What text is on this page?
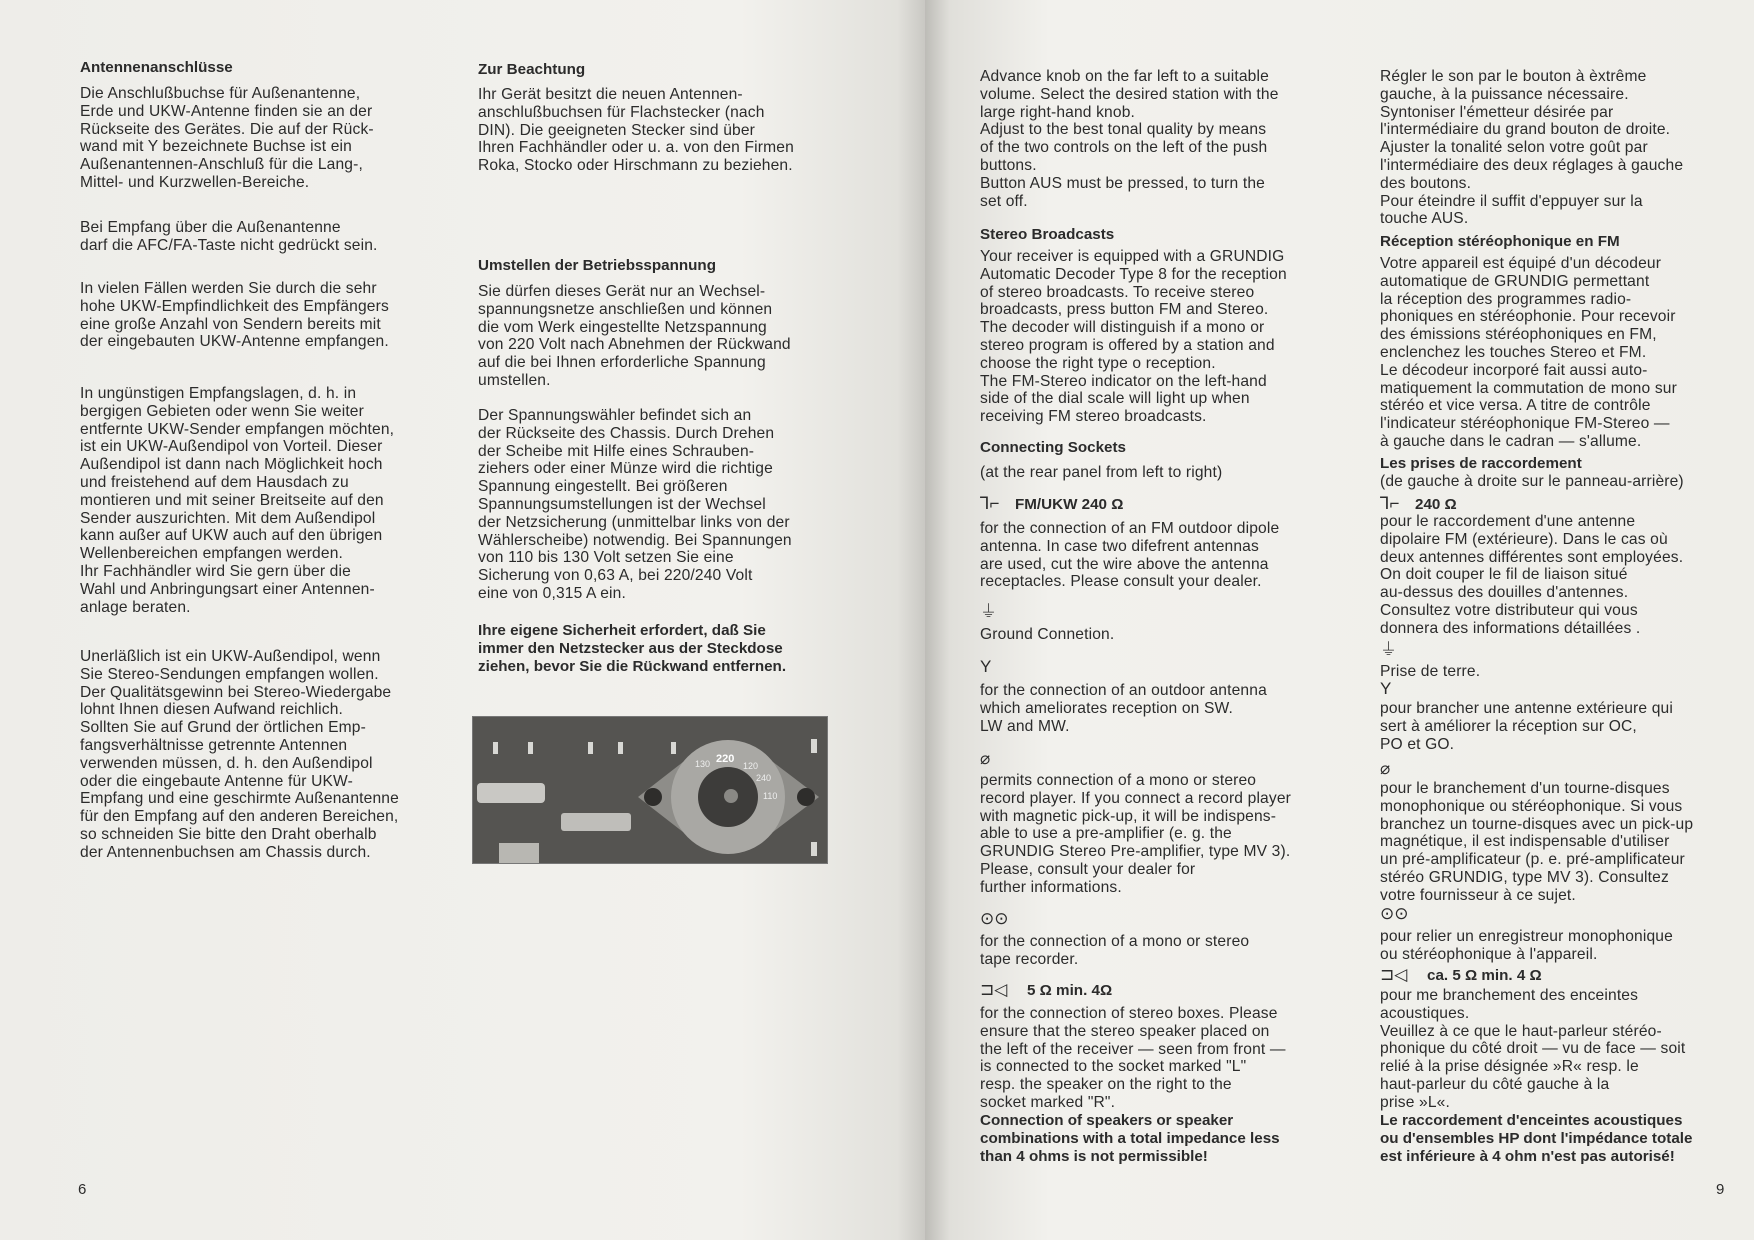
Antennenanschlüsse
Die Anschlußbuchse für Außenantenne,
Erde und UKW-Antenne finden sie an der
Rückseite des Gerätes. Die auf der Rück-
wand mit Y bezeichnete Buchse ist ein
Außenantennen-Anschluß für die Lang-,
Mittel- und Kurzwellen-Bereiche.
Bei Empfang über die Außenantenne
darf die AFC/FA-Taste nicht gedrückt sein.
In vielen Fällen werden Sie durch die sehr
hohe UKW-Empfindlichkeit des Empfängers
eine große Anzahl von Sendern bereits mit
der eingebauten UKW-Antenne empfangen.
In ungünstigen Empfangslagen, d. h. in
bergigen Gebieten oder wenn Sie weiter
entfernte UKW-Sender empfangen möchten,
ist ein UKW-Außendipol von Vorteil. Dieser
Außendipol ist dann nach Möglichkeit hoch
und freistehend auf dem Hausdach zu
montieren und mit seiner Breitseite auf den
Sender auszurichten. Mit dem Außendipol
kann außer auf UKW auch auf den übrigen
Wellenbereichen empfangen werden.
Ihr Fachhändler wird Sie gern über die
Wahl und Anbringungsart einer Antennen-
anlage beraten.
Unerläßlich ist ein UKW-Außendipol, wenn
Sie Stereo-Sendungen empfangen wollen.
Der Qualitätsgewinn bei Stereo-Wiedergabe
lohnt Ihnen diesen Aufwand reichlich.
Sollten Sie auf Grund der örtlichen Emp-
fangsverhältnisse getrennte Antennen
verwenden müssen, d. h. den Außendipol
oder die eingebaute Antenne für UKW-
Empfang und eine geschirmte Außenantenne
für den Empfang auf den anderen Bereichen,
so schneiden Sie bitte den Draht oberhalb
der Antennenbuchsen am Chassis durch.
Zur Beachtung
Ihr Gerät besitzt die neuen Antennen-
anschlußbuchsen für Flachstecker (nach
DIN). Die geeigneten Stecker sind über
Ihren Fachhändler oder u. a. von den Firmen
Roka, Stocko oder Hirschmann zu beziehen.
Umstellen der Betriebsspannung
Sie dürfen dieses Gerät nur an Wechsel-
spannungsnetze anschließen und können
die vom Werk eingestellte Netzspannung
von 220 Volt nach Abnehmen der Rückwand
auf die bei Ihnen erforderliche Spannung
umstellen.
Der Spannungswähler befindet sich an
der Rückseite des Chassis. Durch Drehen
der Scheibe mit Hilfe eines Schrauben-
ziehers oder einer Münze wird die richtige
Spannung eingestellt. Bei größeren
Spannungsumstellungen ist der Wechsel
der Netzsicherung (unmittelbar links von der
Wählerscheibe) notwendig. Bei Spannungen
von 110 bis 130 Volt setzen Sie eine
Sicherung von 0,63 A, bei 220/240 Volt
eine von 0,315 A ein.
Ihre eigene Sicherheit erfordert, daß Sie
immer den Netzstecker aus der Steckdose
ziehen, bevor Sie die Rückwand entfernen.
220
130	120
240
110
6
Advance knob on the far left to a suitable
volume. Select the desired station with the
large right-hand knob.
Adjust to the best tonal quality by means
of the two controls on the left of the push
buttons.
Button AUS must be pressed, to turn the
set off.
Stereo Broadcasts
Your receiver is equipped with a GRUNDIG
Automatic Decoder Type 8 for the reception
of stereo broadcasts. To receive stereo
broadcasts, press button FM and Stereo.
The decoder will distinguish if a mono or
stereo program is offered by a station and
choose the right type o reception.
The FM-Stereo indicator on the left-hand
side of the dial scale will light up when
receiving FM stereo broadcasts.
Connecting Sockets
(at the rear panel from left to right)
⅂⌐ FM/UKW 240 Ω
for the connection of an FM outdoor dipole
antenna. In case two difefrent antennas
are used, cut the wire above the antenna
receptacles. Please consult your dealer.
⏚
Ground Connetion.
Y
for the connection of an outdoor antenna
which ameliorates reception on SW.
LW and MW.
⌀
permits connection of a mono or stereo
record player. If you connect a record player
with magnetic pick-up, it will be indispens-
able to use a pre-amplifier (e. g. the
GRUNDIG Stereo Pre-amplifier, type MV 3).
Please, consult your dealer for
further informations.
⊙⊙
for the connection of a mono or stereo
tape recorder.
⊐◁ 5 Ω min. 4Ω
for the connection of stereo boxes. Please
ensure that the stereo speaker placed on
the left of the receiver — seen from front —
is connected to the socket marked "L"
resp. the speaker on the right to the
socket marked "R".
Connection of speakers or speaker
combinations with a total impedance less
than 4 ohms is not permissible!
Régler le son par le bouton à èxtrême
gauche, à la puissance nécessaire.
Syntoniser l'émetteur désirée par
l'intermédiaire du grand bouton de droite.
Ajuster la tonalité selon votre goût par
l'intermédiaire des deux réglages à gauche
des boutons.
Pour éteindre il suffit d'eppuyer sur la
touche AUS.
Réception stéréophonique en FM
Votre appareil est équipé d'un décodeur
automatique de GRUNDIG permettant
la réception des programmes radio-
phoniques en stéréophonie. Pour recevoir
des émissions stéréophoniques en FM,
enclenchez les touches Stereo et FM.
Le décodeur incorporé fait aussi auto-
matiquement la commutation de mono sur
stéréo et vice versa. A titre de contrôle
l'indicateur stéréophonique FM-Stereo —
à gauche dans le cadran — s'allume.
Les prises de raccordement
(de gauche à droite sur le panneau-arrière)
⅂⌐ 240 Ω
pour le raccordement d'une antenne
dipolaire FM (extérieure). Dans le cas où
deux antennes différentes sont employées.
On doit couper le fil de liaison situé
au-dessus des douilles d'antennes.
Consultez votre distributeur qui vous
donnera des informations détaillées .
⏚
Prise de terre.
Y
pour brancher une antenne extérieure qui
sert à améliorer la réception sur OC,
PO et GO.
⌀
pour le branchement d'un tourne-disques
monophonique ou stéréophonique. Si vous
branchez un tourne-disques avec un pick-up
magnétique, il est indispensable d'utiliser
un pré-amplificateur (p. e. pré-amplificateur
stéréo GRUNDIG, type MV 3). Consultez
votre fournisseur à ce sujet.
⊙⊙
pour relier un enregistreur monophonique
ou stéréophonique à l'appareil.
⊐◁ ca. 5 Ω min. 4 Ω
pour me branchement des enceintes
acoustiques.
Veuillez à ce que le haut-parleur stéréo-
phonique du côté droit — vu de face — soit
relié à la prise désignée »R« resp. le
haut-parleur du côté gauche à la
prise »L«.
Le raccordement d'enceintes acoustiques
ou d'ensembles HP dont l'impédance totale
est inférieure à 4 ohm n'est pas autorisé!
9
